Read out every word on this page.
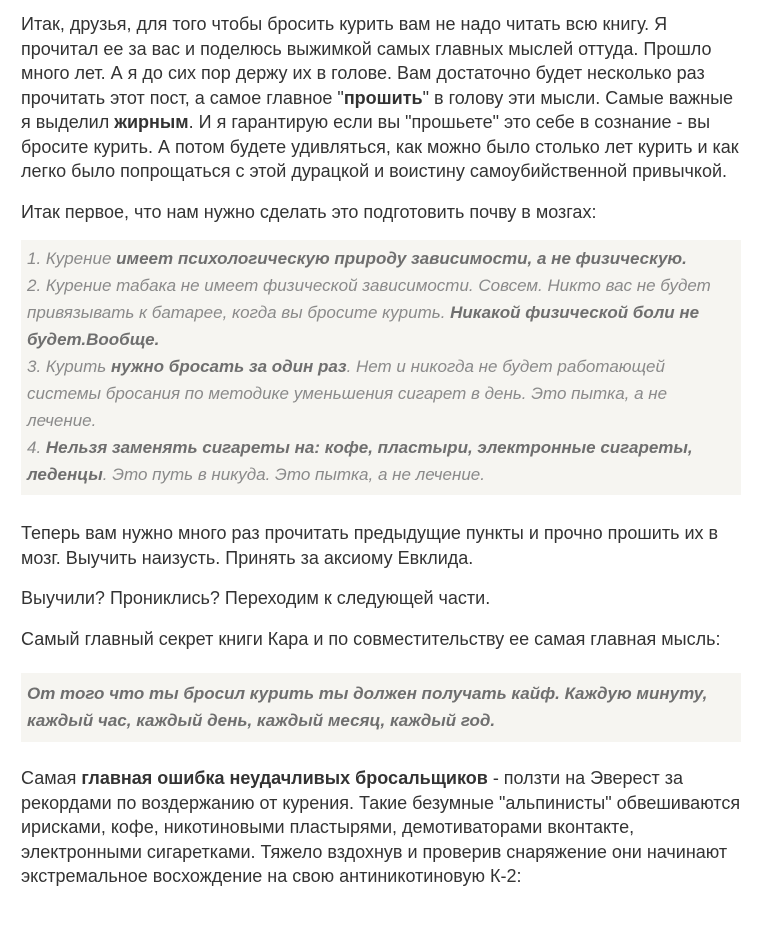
Итак, друзья, для того чтобы бросить курить вам не надо читать всю книгу. Я прочитал ее за вас и поделюсь выжимкой самых главных мыслей оттуда. Прошло много лет. А я до сих пор держу их в голове. Вам достаточно будет несколько раз прочитать этот пост, а самое главное "прошить" в голову эти мысли. Самые важные я выделил жирным. И я гарантирую если вы "прошьете" это себе в сознание - вы бросите курить. А потом будете удивляться, как можно было столько лет курить и как легко было попрощаться с этой дурацкой и воистину самоубийственной привычкой.

Итак первое, что нам нужно сделать это подготовить почву в мозгах:

1. Курение имеет психологическую природу зависимости, а не физическую.
2. Курение табака не имеет физической зависимости. Совсем. Никто вас не будет привязывать к батарее, когда вы бросите курить. Никакой физической боли не будет.Вообще.
3. Курить нужно бросать за один раз. Нет и никогда не будет работающей системы бросания по методике уменьшения сигарет в день. Это пытка, а не лечение.
4. Нельзя заменять сигареты на: кофе, пластыри, электронные сигареты, леденцы. Это путь в никуда. Это пытка, а не лечение.

Теперь вам нужно много раз прочитать предыдущие пункты и прочно прошить их в мозг. Выучить наизусть. Принять за аксиому Евклида.

Выучили? Прониклись? Переходим к следующей части.

Самый главный секрет книги Кара и по совместительству ее самая главная мысль:

От того что ты бросил курить ты должен получать кайф. Каждую минуту, каждый час, каждый день, каждый месяц, каждый год.

Самая главная ошибка неудачливых бросальщиков - ползти на Эверест за рекордами по воздержанию от курения. Такие безумные "альпинисты" обвешиваются ирисками, кофе, никотиновыми пластырями, демотиваторами вконтакте, электронными сигаретками. Тяжело вздохнув и проверив снаряжение они начинают экстремальное восхождение на свою антиникотиновую К-2:
